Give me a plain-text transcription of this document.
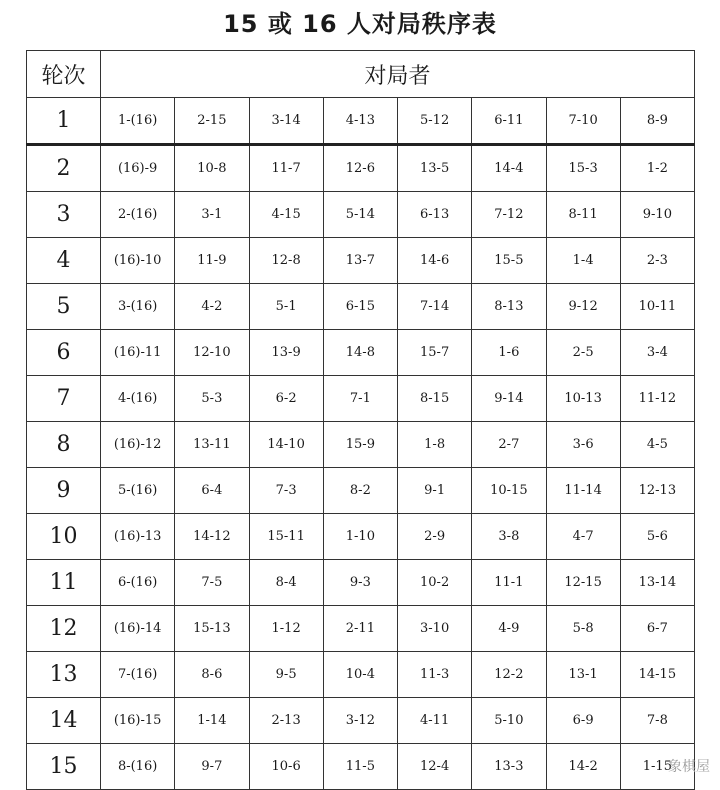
15 或 16 人对局秩序表
轮次	对局者							
1	1-(16)	2-15	3-14	4-13	5-12	6-11	7-10	8-9
2	(16)-9	10-8	11-7	12-6	13-5	14-4	15-3	1-2
3	2-(16)	3-1	4-15	5-14	6-13	7-12	8-11	9-10
4	(16)-10	11-9	12-8	13-7	14-6	15-5	1-4	2-3
5	3-(16)	4-2	5-1	6-15	7-14	8-13	9-12	10-11
6	(16)-11	12-10	13-9	14-8	15-7	1-6	2-5	3-4
7	4-(16)	5-3	6-2	7-1	8-15	9-14	10-13	11-12
8	(16)-12	13-11	14-10	15-9	1-8	2-7	3-6	4-5
9	5-(16)	6-4	7-3	8-2	9-1	10-15	11-14	12-13
10	(16)-13	14-12	15-11	1-10	2-9	3-8	4-7	5-6
11	6-(16)	7-5	8-4	9-3	10-2	11-1	12-15	13-14
12	(16)-14	15-13	1-12	2-11	3-10	4-9	5-8	6-7
13	7-(16)	8-6	9-5	10-4	11-3	12-2	13-1	14-15
14	(16)-15	1-14	2-13	3-12	4-11	5-10	6-9	7-8
15	8-(16)	9-7	10-6	11-5	12-4	13-3	14-2	1-15
象棋屋
